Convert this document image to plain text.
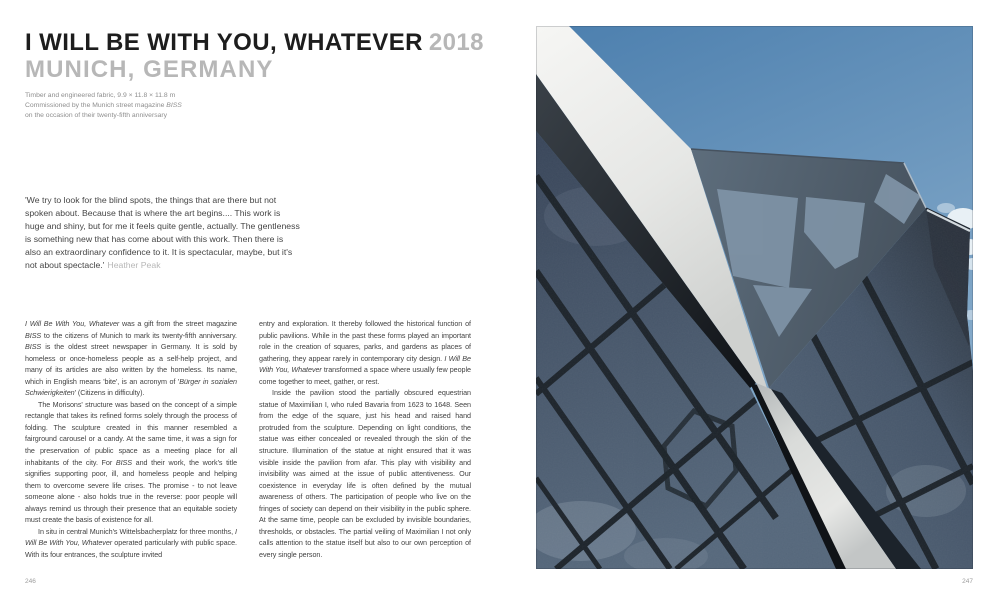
I WILL BE WITH YOU, WHATEVER 2018
MUNICH, GERMANY

Timber and engineered fabric, 9.9 × 11.8 × 11.8 m

Commissioned by the Munich street magazine BISS

on the occasion of their twenty-fifth anniversary

'We try to look for the blind spots, the things that are there but not spoken about. Because that is where the art begins.... This work is huge and shiny, but for me it feels quite gentle, actually. The gentleness is something new that has come about with this work. Then there is also an extraordinary confidence to it. It is spectacular, maybe, but it's not about spectacle.' Heather Peak

I Will Be With You, Whatever was a gift from the street magazine BISS to the citizens of Munich to mark its twenty-fifth anniversary. BISS is the oldest street newspaper in Germany. It is sold by homeless or once-homeless people as a self-help project, and many of its articles are also written by the homeless. Its name, which in English means 'bite', is an acronym of 'Bürger in sozialen Schwierigkeiten' (Citizens in difficulty).

The Morisons' structure was based on the concept of a simple rectangle that takes its refined forms solely through the process of folding. The sculpture created in this manner resembled a fairground carousel or a candy. At the same time, it was a sign for the preservation of public space as a meeting place for all inhabitants of the city. For BISS and their work, the work's title signifies supporting poor, ill, and homeless people and helping them to overcome severe life crises. The promise - to not leave someone alone - also holds true in the reverse: poor people will always remind us through their presence that an equitable society must create the basis of existence for all.

In situ in central Munich's Wittelsbacherplatz for three months, I Will Be With You, Whatever operated particularly with public space. With its four entrances, the sculpture invited

entry and exploration. It thereby followed the historical function of public pavilions. While in the past these forms played an important role in the creation of squares, parks, and gardens as places of gathering, they appear rarely in contemporary city design. I Will Be With You, Whatever transformed a space where usually few people come together to meet, gather, or rest.

Inside the pavilion stood the partially obscured equestrian statue of Maximilian I, who ruled Bavaria from 1623 to 1648. Seen from the edge of the square, just his head and raised hand protruded from the sculpture. Depending on light conditions, the statue was either concealed or revealed through the skin of the structure. Illumination of the statue at night ensured that it was visible inside the pavilion from afar. This play with visibility and invisibility was aimed at the issue of public attentiveness. Our coexistence in everyday life is often defined by the mutual awareness of others. The participation of people who live on the fringes of society can depend on their visibility in the public sphere. At the same time, people can be excluded by invisible boundaries, thresholds, or obstacles. The partial veiling of Maximilian I not only calls attention to the statue itself but also to our own perception of every single person.

246	247
